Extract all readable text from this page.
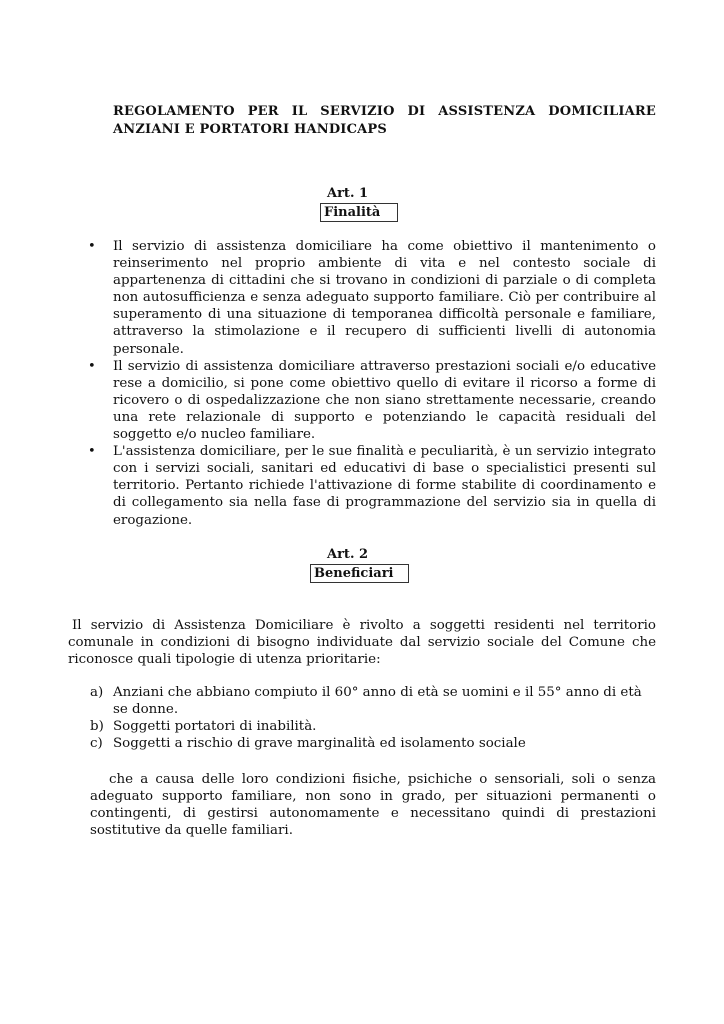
REGOLAMENTO PER IL SERVIZIO DI ASSISTENZA DOMICILIARE
ANZIANI E PORTATORI HANDICAPS
Art. 1
Finalità
•	Il servizio di assistenza domiciliare ha come obiettivo il mantenimento o reinserimento nel proprio ambiente di vita e nel contesto sociale di appartenenza di cittadini che si trovano in condizioni di parziale o di completa non autosufficienza e senza adeguato supporto familiare. Ciò per contribuire al superamento di una situazione di temporanea difficoltà personale e familiare, attraverso la stimolazione e il recupero di sufficienti livelli di autonomia personale.
•	Il servizio di assistenza domiciliare attraverso prestazioni sociali e/o educative rese a domicilio, si pone come obiettivo quello di evitare il ricorso a forme di ricovero o di ospedalizzazione che non siano strettamente necessarie, creando una rete relazionale di supporto e potenziando le capacità residuali del soggetto e/o nucleo familiare.
•	L'assistenza domiciliare, per le sue finalità e peculiarità, è un servizio integrato con i servizi sociali, sanitari ed educativi di base o specialistici presenti sul territorio. Pertanto richiede l'attivazione di forme stabilite di coordinamento e di collegamento sia nella fase di programmazione del servizio sia in quella di erogazione.
Art. 2
Beneficiari

Il servizio di Assistenza Domiciliare è rivolto a soggetti residenti nel territorio comunale in condizioni di bisogno individuate dal servizio sociale del Comune che riconosce quali tipologie di utenza prioritarie:

a) Anziani che abbiano compiuto il 60° anno di età se uomini e il 55° anno di età se donne.
b) Soggetti portatori di inabilità.
c) Soggetti a rischio di grave marginalità ed isolamento sociale

che a causa delle loro condizioni fisiche, psichiche o sensoriali, soli o senza adeguato supporto familiare, non sono in grado, per situazioni permanenti o contingenti, di gestirsi autonomamente e necessitano quindi di prestazioni sostitutive da quelle familiari.
